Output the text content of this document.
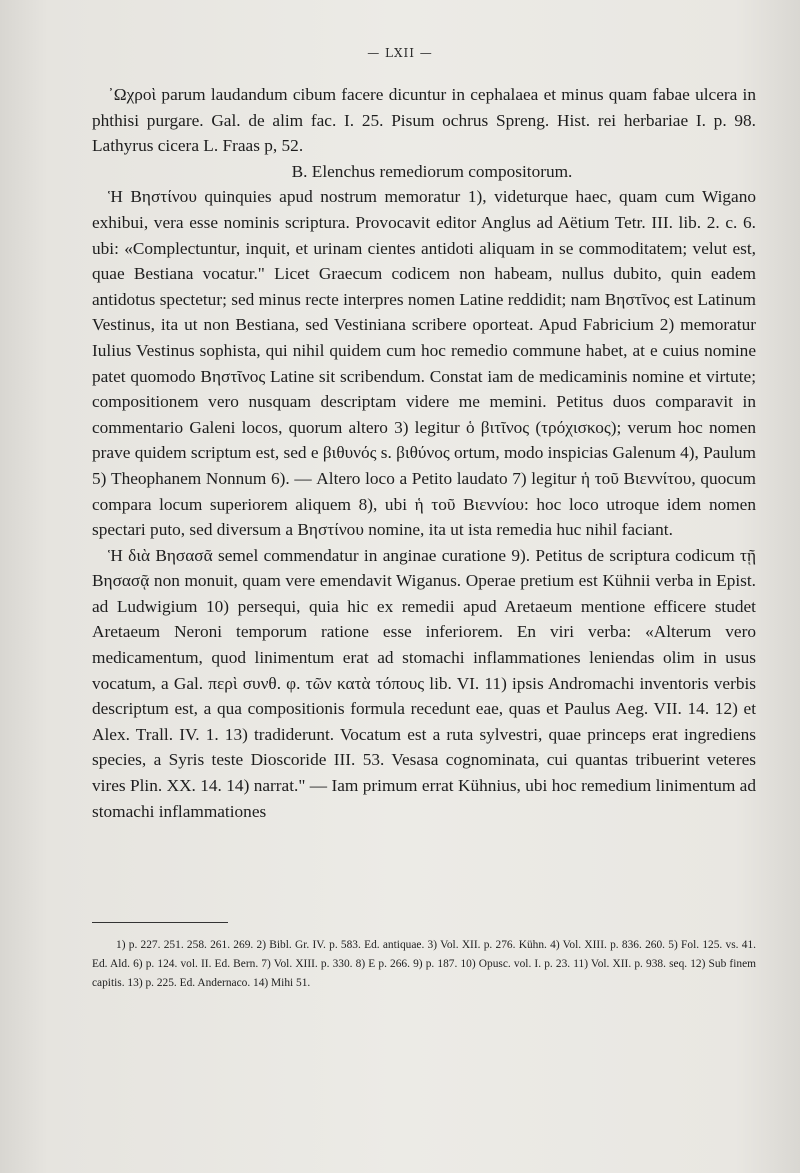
— LXII —

᾿Ωχροὶ parum laudandum cibum facere dicuntur in cephalaea et minus quam fabae ulcera in phthisi purgare. Gal. de alim fac. I. 25. Pisum ochrus Spreng. Hist. rei herbariae I. p. 98. Lathyrus cicera L. Fraas p, 52.

B. Elenchus remediorum compositorum.

Ἡ Βηστίνου quinquies apud nostrum memoratur 1), videturque haec, quam cum Wigano exhibui, vera esse nominis scriptura. Provocavit editor Anglus ad Aëtium Tetr. III. lib. 2. c. 6. ubi: «Complectuntur, inquit, et urinam cientes antidoti aliquam in se commoditatem; velut est, quae Bestiana vocatur." Licet Graecum codicem non habeam, nullus dubito, quin eadem antidotus spectetur; sed minus recte interpres nomen Latine reddidit; nam Βηστῖνος est Latinum Vestinus, ita ut non Bestiana, sed Vestiniana scribere oporteat. Apud Fabricium 2) memoratur Iulius Vestinus sophista, qui nihil quidem cum hoc remedio commune habet, at e cuius nomine patet quomodo Βηστῖνος Latine sit scribendum. Constat iam de medicaminis nomine et virtute; compositionem vero nusquam descriptam videre me memini. Petitus duos comparavit in commentario Galeni locos, quorum altero 3) legitur ὁ βιτῖνος (τρόχισκος); verum hoc nomen prave quidem scriptum est, sed e βιθυνός s. βιθύνος ortum, modo inspicias Galenum 4), Paulum 5) Theophanem Nonnum 6). — Altero loco a Petito laudato 7) legitur ἡ τοῦ Βιεννίτου, quocum compara locum superiorem aliquem 8), ubi ἡ τοῦ Βιεννίου: hoc loco utroque idem nomen spectari puto, sed diversum a Βηστίνου nomine, ita ut ista remedia huc nihil faciant.

Ἡ διὰ Βησασᾶ semel commendatur in anginae curatione 9). Petitus de scriptura codicum τῇ Βησασᾷ non monuit, quam vere emendavit Wiganus. Operae pretium est Kühnii verba in Epist. ad Ludwigium 10) persequi, quia hic ex remedii apud Aretaeum mentione efficere studet Aretaeum Neroni temporum ratione esse inferiorem. En viri verba: «Alterum vero medicamentum, quod linimentum erat ad stomachi inflammationes leniendas olim in usus vocatum, a Gal. περὶ συνθ. φ. τῶν κατὰ τόπους lib. VI. 11) ipsis Andromachi inventoris verbis descriptum est, a qua compositionis formula recedunt eae, quas et Paulus Aeg. VII. 14. 12) et Alex. Trall. IV. 1. 13) tradiderunt. Vocatum est a ruta sylvestri, quae princeps erat ingrediens species, a Syris teste Dioscoride III. 53. Vesasa cognominata, cui quantas tribuerint veteres vires Plin. XX. 14. 14) narrat." — Iam primum errat Kühnius, ubi hoc remedium linimentum ad stomachi inflammationes

1) p. 227. 251. 258. 261. 269. 2) Bibl. Gr. IV. p. 583. Ed. antiquae. 3) Vol. XII. p. 276. Kühn. 4) Vol. XIII. p. 836. 260. 5) Fol. 125. vs. 41. Ed. Ald. 6) p. 124. vol. II. Ed. Bern. 7) Vol. XIII. p. 330. 8) E p. 266. 9) p. 187. 10) Opusc. vol. I. p. 23. 11) Vol. XII. p. 938. seq. 12) Sub finem capitis. 13) p. 225. Ed. Andernaco. 14) Mihi 51.
